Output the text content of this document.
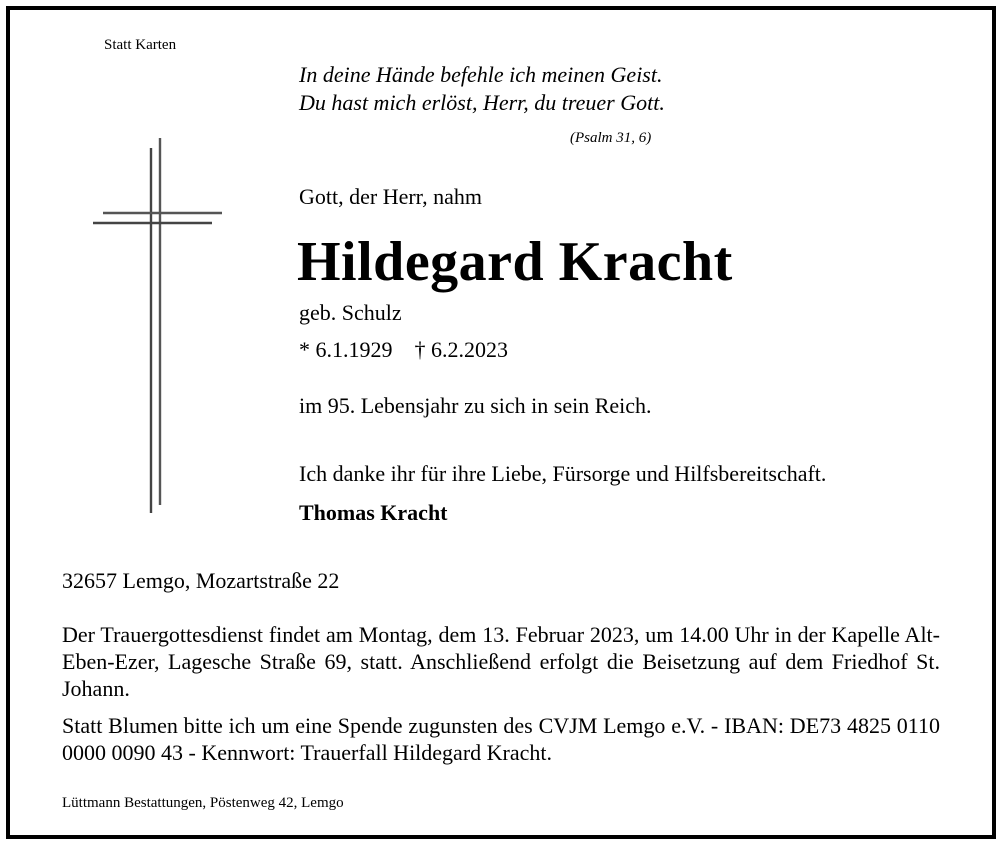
Statt Karten

In deine Hände befehle ich meinen Geist.

Du hast mich erlöst, Herr, du treuer Gott.

(Psalm 31, 6)

Gott, der Herr, nahm

Hildegard Kracht

geb. Schulz

* 6.1.1929 † 6.2.2023

im 95. Lebensjahr zu sich in sein Reich.

Ich danke ihr für ihre Liebe, Fürsorge und Hilfsbereitschaft.

Thomas Kracht

32657 Lemgo, Mozartstraße 22

Der Trauergottesdienst findet am Montag, dem 13. Februar 2023, um 14.00 Uhr in der Kapelle Alt-Eben-Ezer, Lagesche Straße 69, statt. Anschließend erfolgt die Beisetzung auf dem Friedhof St. Johann.

Statt Blumen bitte ich um eine Spende zugunsten des CVJM Lemgo e.V. - IBAN: DE73 4825 0110 0000 0090 43 - Kennwort: Trauerfall Hildegard Kracht.

Lüttmann Bestattungen, Pöstenweg 42, Lemgo
